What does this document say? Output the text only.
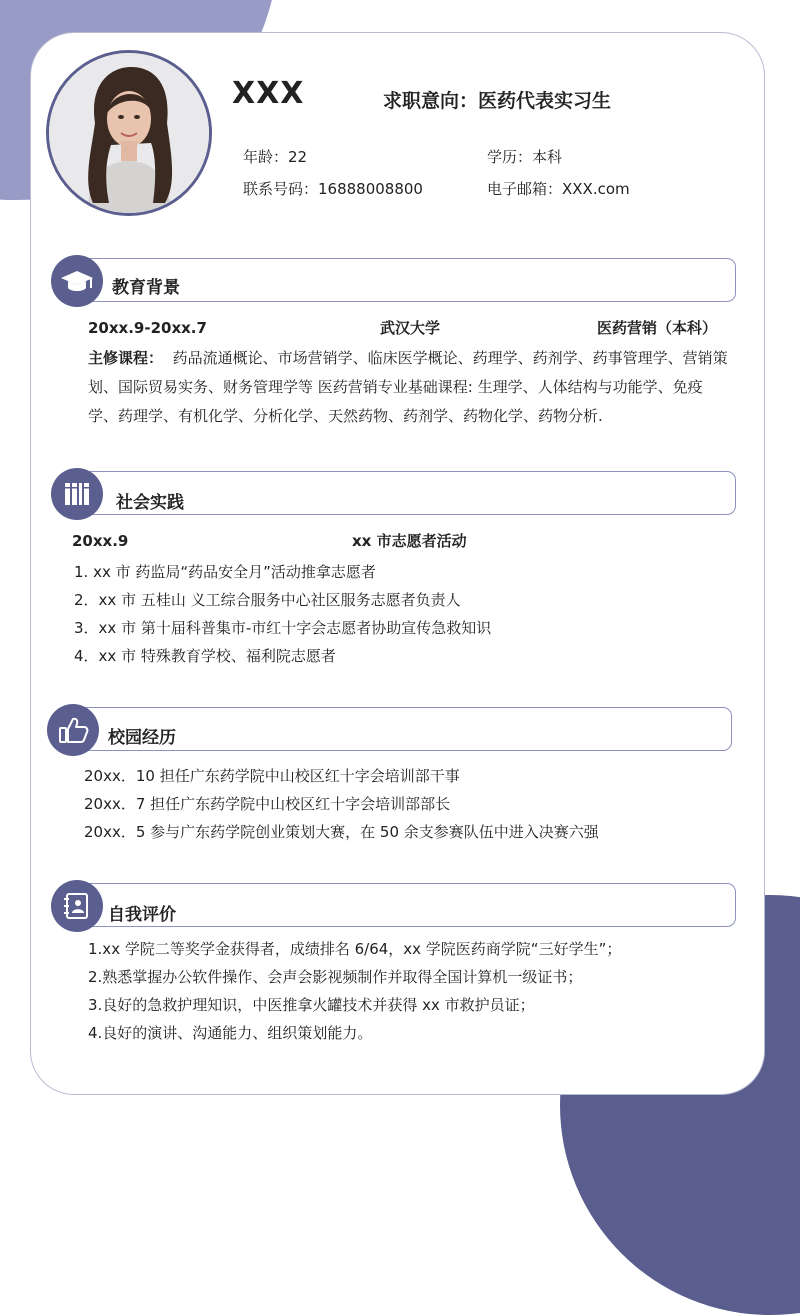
XXX	求职意向：医药代表实习生
年龄：22	学历：本科
联系号码：16888008800	电子邮箱：XXX.com
教育背景
20xx.9-20xx.7	武汉大学	医药营销（本科）
主修课程： 药品流通概论、市场营销学、临床医学概论、药理学、药剂学、药事管理学、营销策划、国际贸易实务、财务管理学等 医药营销专业基础课程: 生理学、人体结构与功能学、免疫学、药理学、有机化学、分析化学、天然药物、药剂学、药物化学、药物分析.
社会实践
20xx.9	xx 市志愿者活动
1. xx 市 药监局“药品安全月”活动推拿志愿者
2．xx 市 五桂山 义工综合服务中心社区服务志愿者负责人
3．xx 市 第十届科普集市-市红十字会志愿者协助宣传急救知识
4．xx 市 特殊教育学校、福利院志愿者
校园经历
20xx．10 担任广东药学院中山校区红十字会培训部干事
20xx．7 担任广东药学院中山校区红十字会培训部部长
20xx．5 参与广东药学院创业策划大赛，在 50 余支参赛队伍中进入决赛六强
自我评价
1.xx 学院二等奖学金获得者，成绩排名 6/64，xx 学院医药商学院“三好学生”；
2.熟悉掌握办公软件操作、会声会影视频制作并取得全国计算机一级证书；
3.良好的急救护理知识，中医推拿火罐技术并获得 xx 市救护员证；
4.良好的演讲、沟通能力、组织策划能力。
